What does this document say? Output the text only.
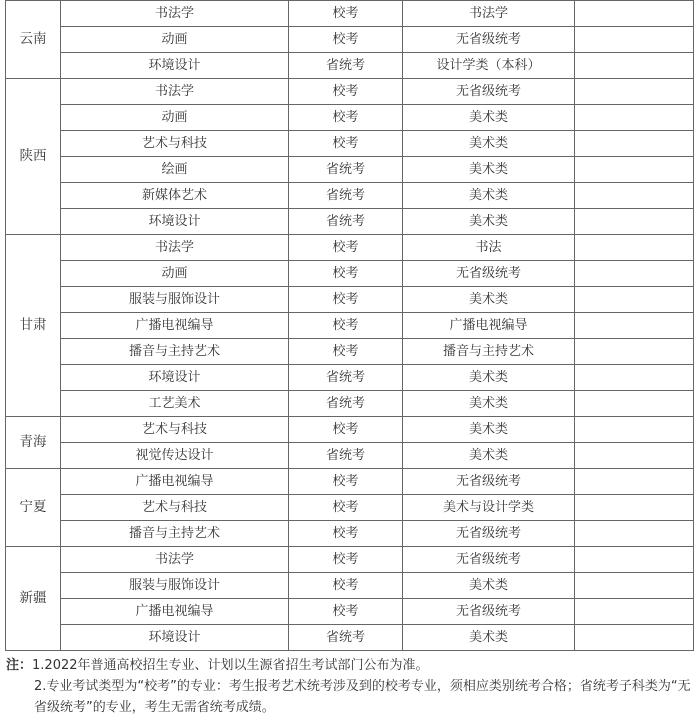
云南	书法学	校考	书法学	
	动画	校考	无省级统考	
	环境设计	省统考	设计学类（本科）	
陕西	书法学	校考	无省级统考	
	动画	校考	美术类	
	艺术与科技	校考	美术类	
	绘画	省统考	美术类	
	新媒体艺术	省统考	美术类	
	环境设计	省统考	美术类	
甘肃	书法学	校考	书法	
	动画	校考	无省级统考	
	服装与服饰设计	校考	美术类	
	广播电视编导	校考	广播电视编导	
	播音与主持艺术	校考	播音与主持艺术	
	环境设计	省统考	美术类	
	工艺美术	省统考	美术类	
青海	艺术与科技	校考	美术类	
	视觉传达设计	省统考	美术类	
宁夏	广播电视编导	校考	无省级统考	
	艺术与科技	校考	美术与设计学类	
	播音与主持艺术	校考	无省级统考	
新疆	书法学	校考	无省级统考	
	服装与服饰设计	校考	美术类	
	广播电视编导	校考	无省级统考	
	环境设计	省统考	美术类	

注：1.2022年普通高校招生专业、计划以生源省招生考试部门公布为准。

2.专业考试类型为“校考”的专业：考生报考艺术统考涉及到的校考专业，须相应类别统考合格；省统考子科类为“无省级统考”的专业，考生无需省统考成绩。
